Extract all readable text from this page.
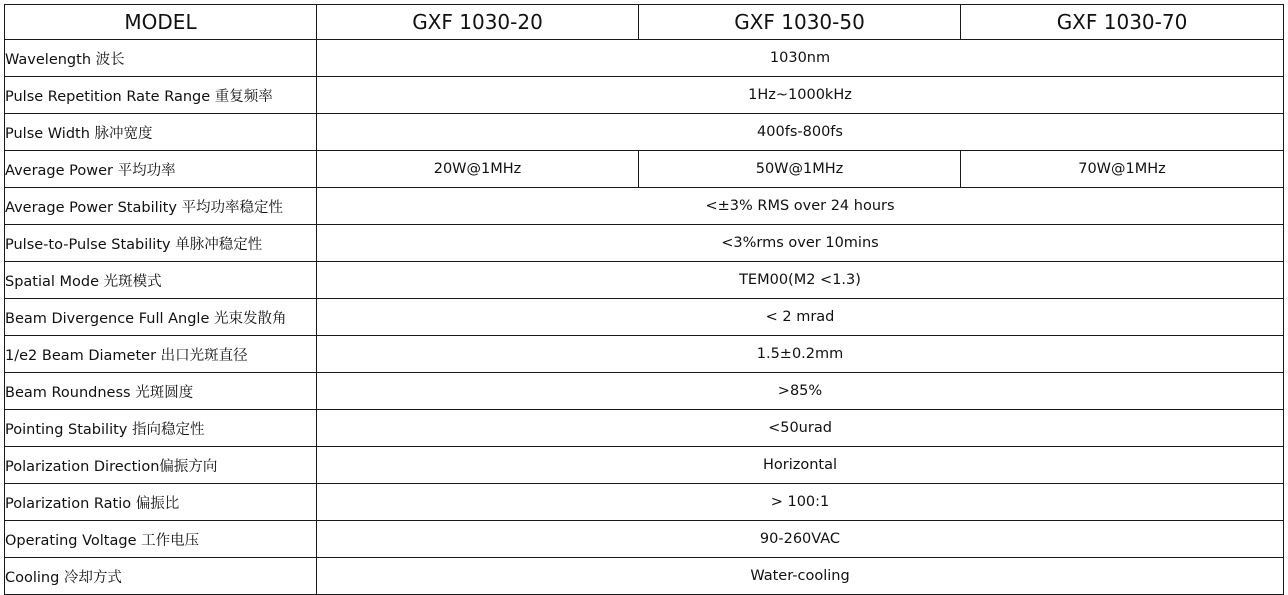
MODEL	GXF 1030-20	GXF 1030-50	GXF 1030-70
Wavelength 波长	1030nm		
Pulse Repetition Rate Range 重复频率	1Hz~1000kHz		
Pulse Width 脉冲宽度	400fs-800fs		
Average Power 平均功率	20W@1MHz	50W@1MHz	70W@1MHz
Average Power Stability 平均功率稳定性	<±3% RMS over 24 hours		
Pulse-to-Pulse Stability 单脉冲稳定性	<3%rms over 10mins		
Spatial Mode 光斑模式	TEM00(M2 <1.3)		
Beam Divergence Full Angle 光束发散角	< 2 mrad		
1/e2 Beam Diameter 出口光斑直径	1.5±0.2mm		
Beam Roundness 光斑圆度	>85%		
Pointing Stability 指向稳定性	<50urad		
Polarization Direction偏振方向	Horizontal		
Polarization Ratio 偏振比	> 100:1		
Operating Voltage 工作电压	90-260VAC		
Cooling 冷却方式	Water-cooling		
